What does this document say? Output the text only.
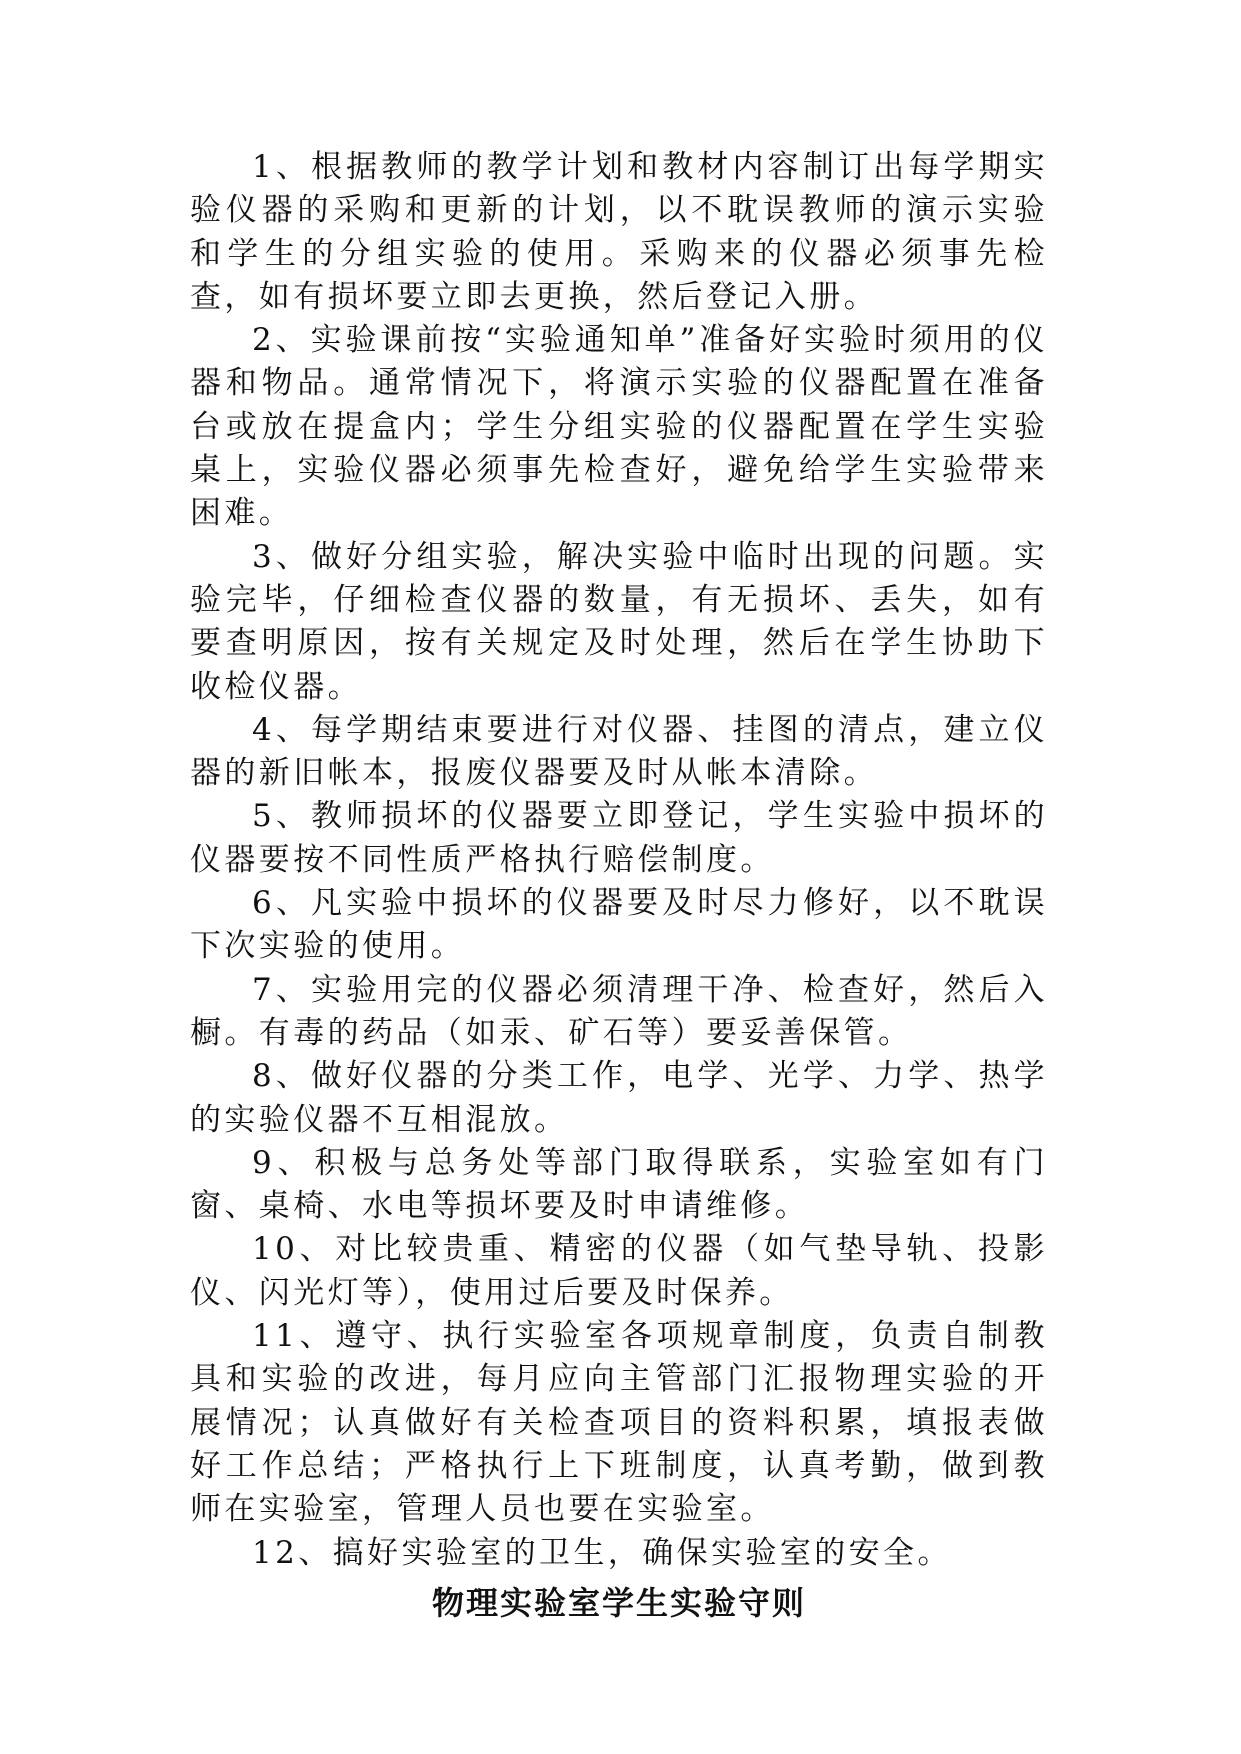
1、根据教师的教学计划和教材内容制订出每学期实验仪器的采购和更新的计划，以不耽误教师的演示实验和学生的分组实验的使用。采购来的仪器必须事先检查，如有损坏要立即去更换，然后登记入册。

2、实验课前按“实验通知单”准备好实验时须用的仪器和物品。通常情况下，将演示实验的仪器配置在准备台或放在提盒内；学生分组实验的仪器配置在学生实验桌上，实验仪器必须事先检查好，避免给学生实验带来困难。

3、做好分组实验，解决实验中临时出现的问题。实验完毕，仔细检查仪器的数量，有无损坏、丢失，如有要查明原因，按有关规定及时处理，然后在学生协助下收检仪器。

4、每学期结束要进行对仪器、挂图的清点，建立仪器的新旧帐本，报废仪器要及时从帐本清除。

5、教师损坏的仪器要立即登记，学生实验中损坏的仪器要按不同性质严格执行赔偿制度。

6、凡实验中损坏的仪器要及时尽力修好，以不耽误下次实验的使用。

7、实验用完的仪器必须清理干净、检查好，然后入橱。有毒的药品（如汞、矿石等）要妥善保管。

8、做好仪器的分类工作，电学、光学、力学、热学的实验仪器不互相混放。

9、积极与总务处等部门取得联系，实验室如有门窗、桌椅、水电等损坏要及时申请维修。

10、对比较贵重、精密的仪器（如气垫导轨、投影仪、闪光灯等），使用过后要及时保养。

11、遵守、执行实验室各项规章制度，负责自制教具和实验的改进，每月应向主管部门汇报物理实验的开展情况；认真做好有关检查项目的资料积累，填报表做好工作总结；严格执行上下班制度，认真考勤，做到教师在实验室，管理人员也要在实验室。

12、搞好实验室的卫生，确保实验室的安全。

物理实验室学生实验守则
